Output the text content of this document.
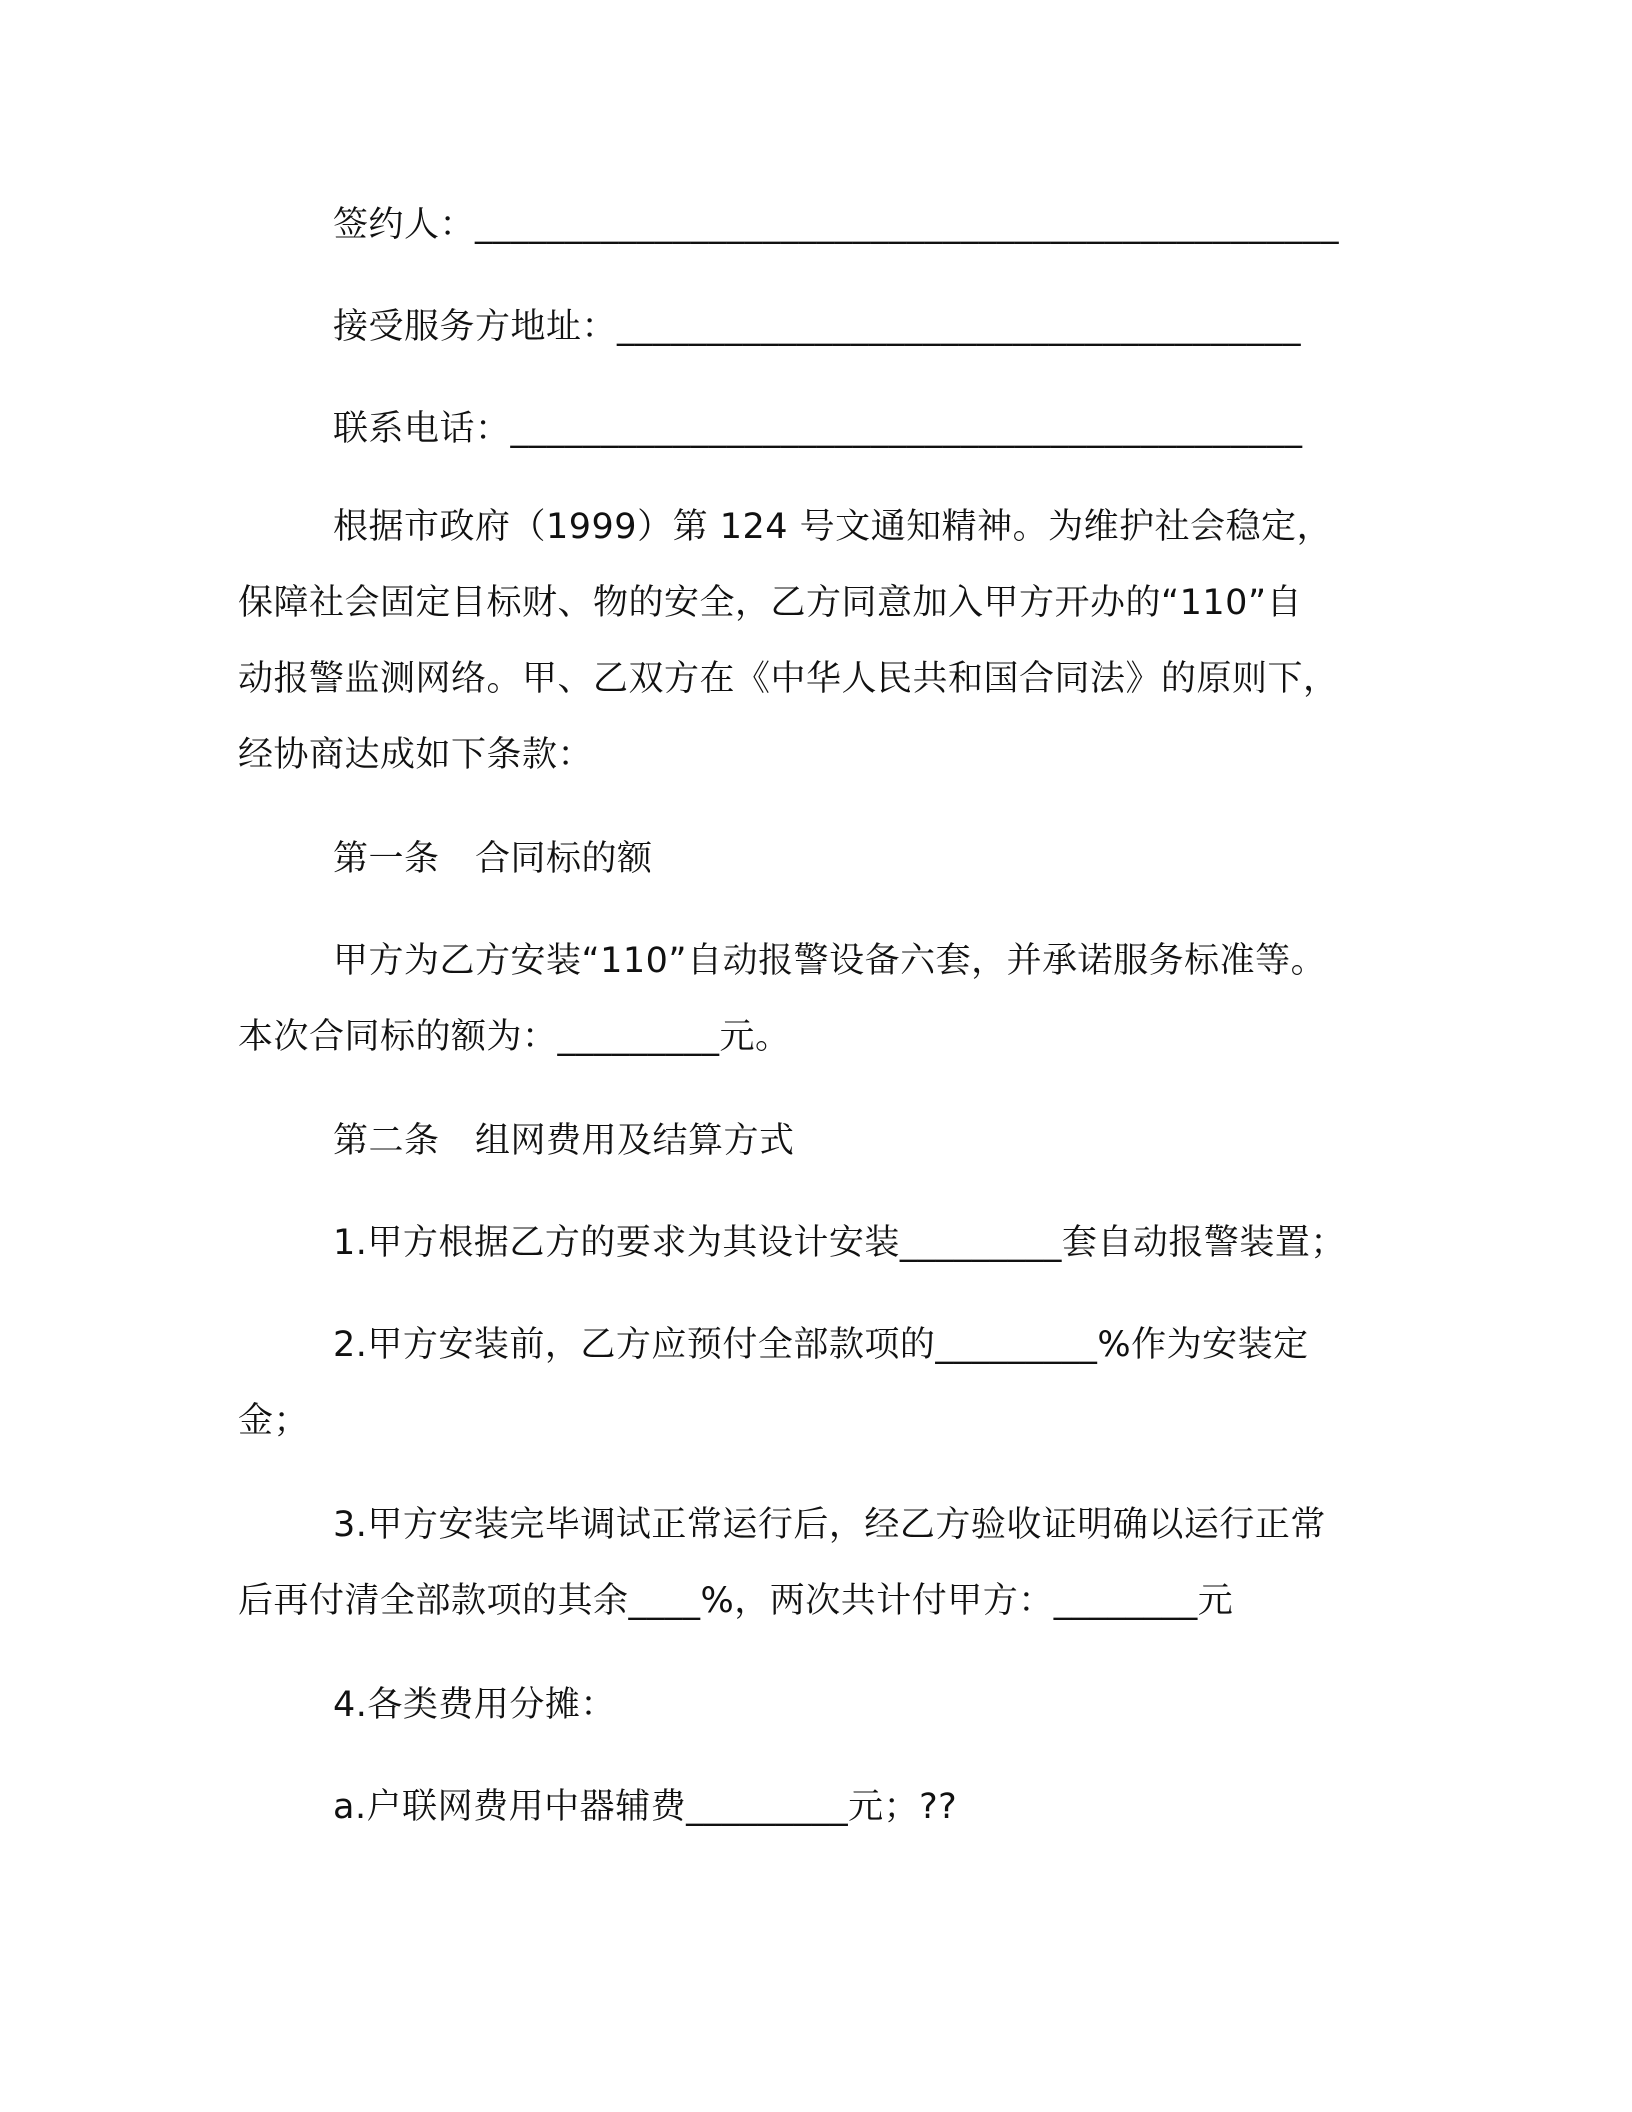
签约人：________________________________________________
接受服务方地址：______________________________________
联系电话：____________________________________________
根据市政府（1999）第 124 号文通知精神。为维护社会稳定，
保障社会固定目标财、物的安全，乙方同意加入甲方开办的“110”自
动报警监测网络。甲、乙双方在《中华人民共和国合同法》的原则下，
经协商达成如下条款：
第一条　合同标的额
甲方为乙方安装“110”自动报警设备六套，并承诺服务标准等。
本次合同标的额为：_________元。
第二条　组网费用及结算方式
1.甲方根据乙方的要求为其设计安装_________套自动报警装置；
2.甲方安装前，乙方应预付全部款项的_________%作为安装定
金；
3.甲方安装完毕调试正常运行后，经乙方验收证明确以运行正常
后再付清全部款项的其余____%，两次共计付甲方：________元
4.各类费用分摊：
a.户联网费用中器辅费_________元；??
